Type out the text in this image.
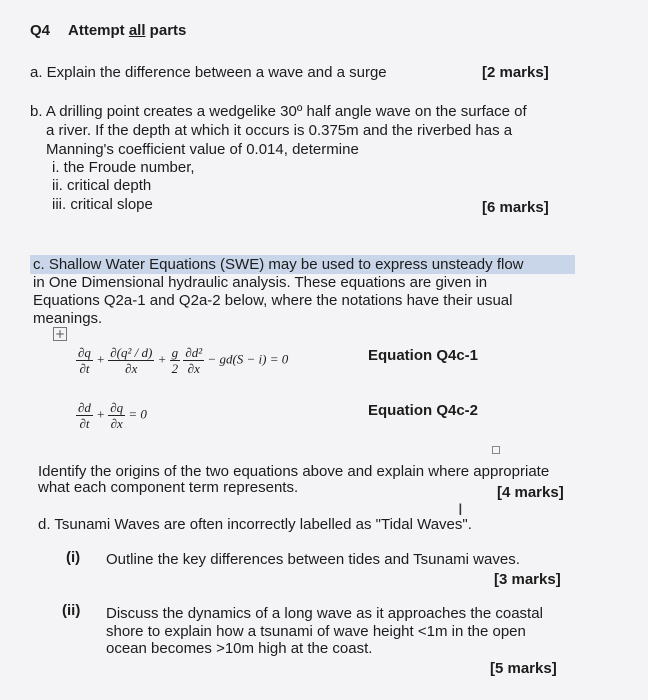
Q4 Attempt all parts
a. Explain the difference between a wave and a surge	[2 marks]
b. A drilling point creates a wedgelike 30º half angle wave on the surface of
a river. If the depth at which it occurs is 0.375m and the riverbed has a
Manning's coefficient value of 0.014, determine
i. the Froude number,
ii. critical depth
iii. critical slope	[6 marks]
c. Shallow Water Equations (SWE) may be used to express unsteady flow
in One Dimensional hydraulic analysis. These equations are given in
Equations Q2a-1 and Q2a-2 below, where the notations have their usual
meanings.
+
$\frac{\partial q}{\partial t} + \frac{\text{∂(q² / d)}}{\partial x} + \frac{g}{2}$
$\frac{\text{∂d²}}{\partial x} - gd(S - i) = 0$	Equation Q4c-1
$\frac{\partial d}{\partial t} + \frac{\partial q}{\partial x} = 0$	Equation Q4c-2
Identify the origins of the two equations above and explain where appropriate
what each component term represents.	[4 marks]
I
d. Tsunami Waves are often incorrectly labelled as "Tidal Waves".
(i) Outline the key differences between tides and Tsunami waves.
[3 marks]
(ii) Discuss the dynamics of a long wave as it approaches the coastal
shore to explain how a tsunami of wave height <1m in the open
ocean becomes >10m high at the coast.
[5 marks]
